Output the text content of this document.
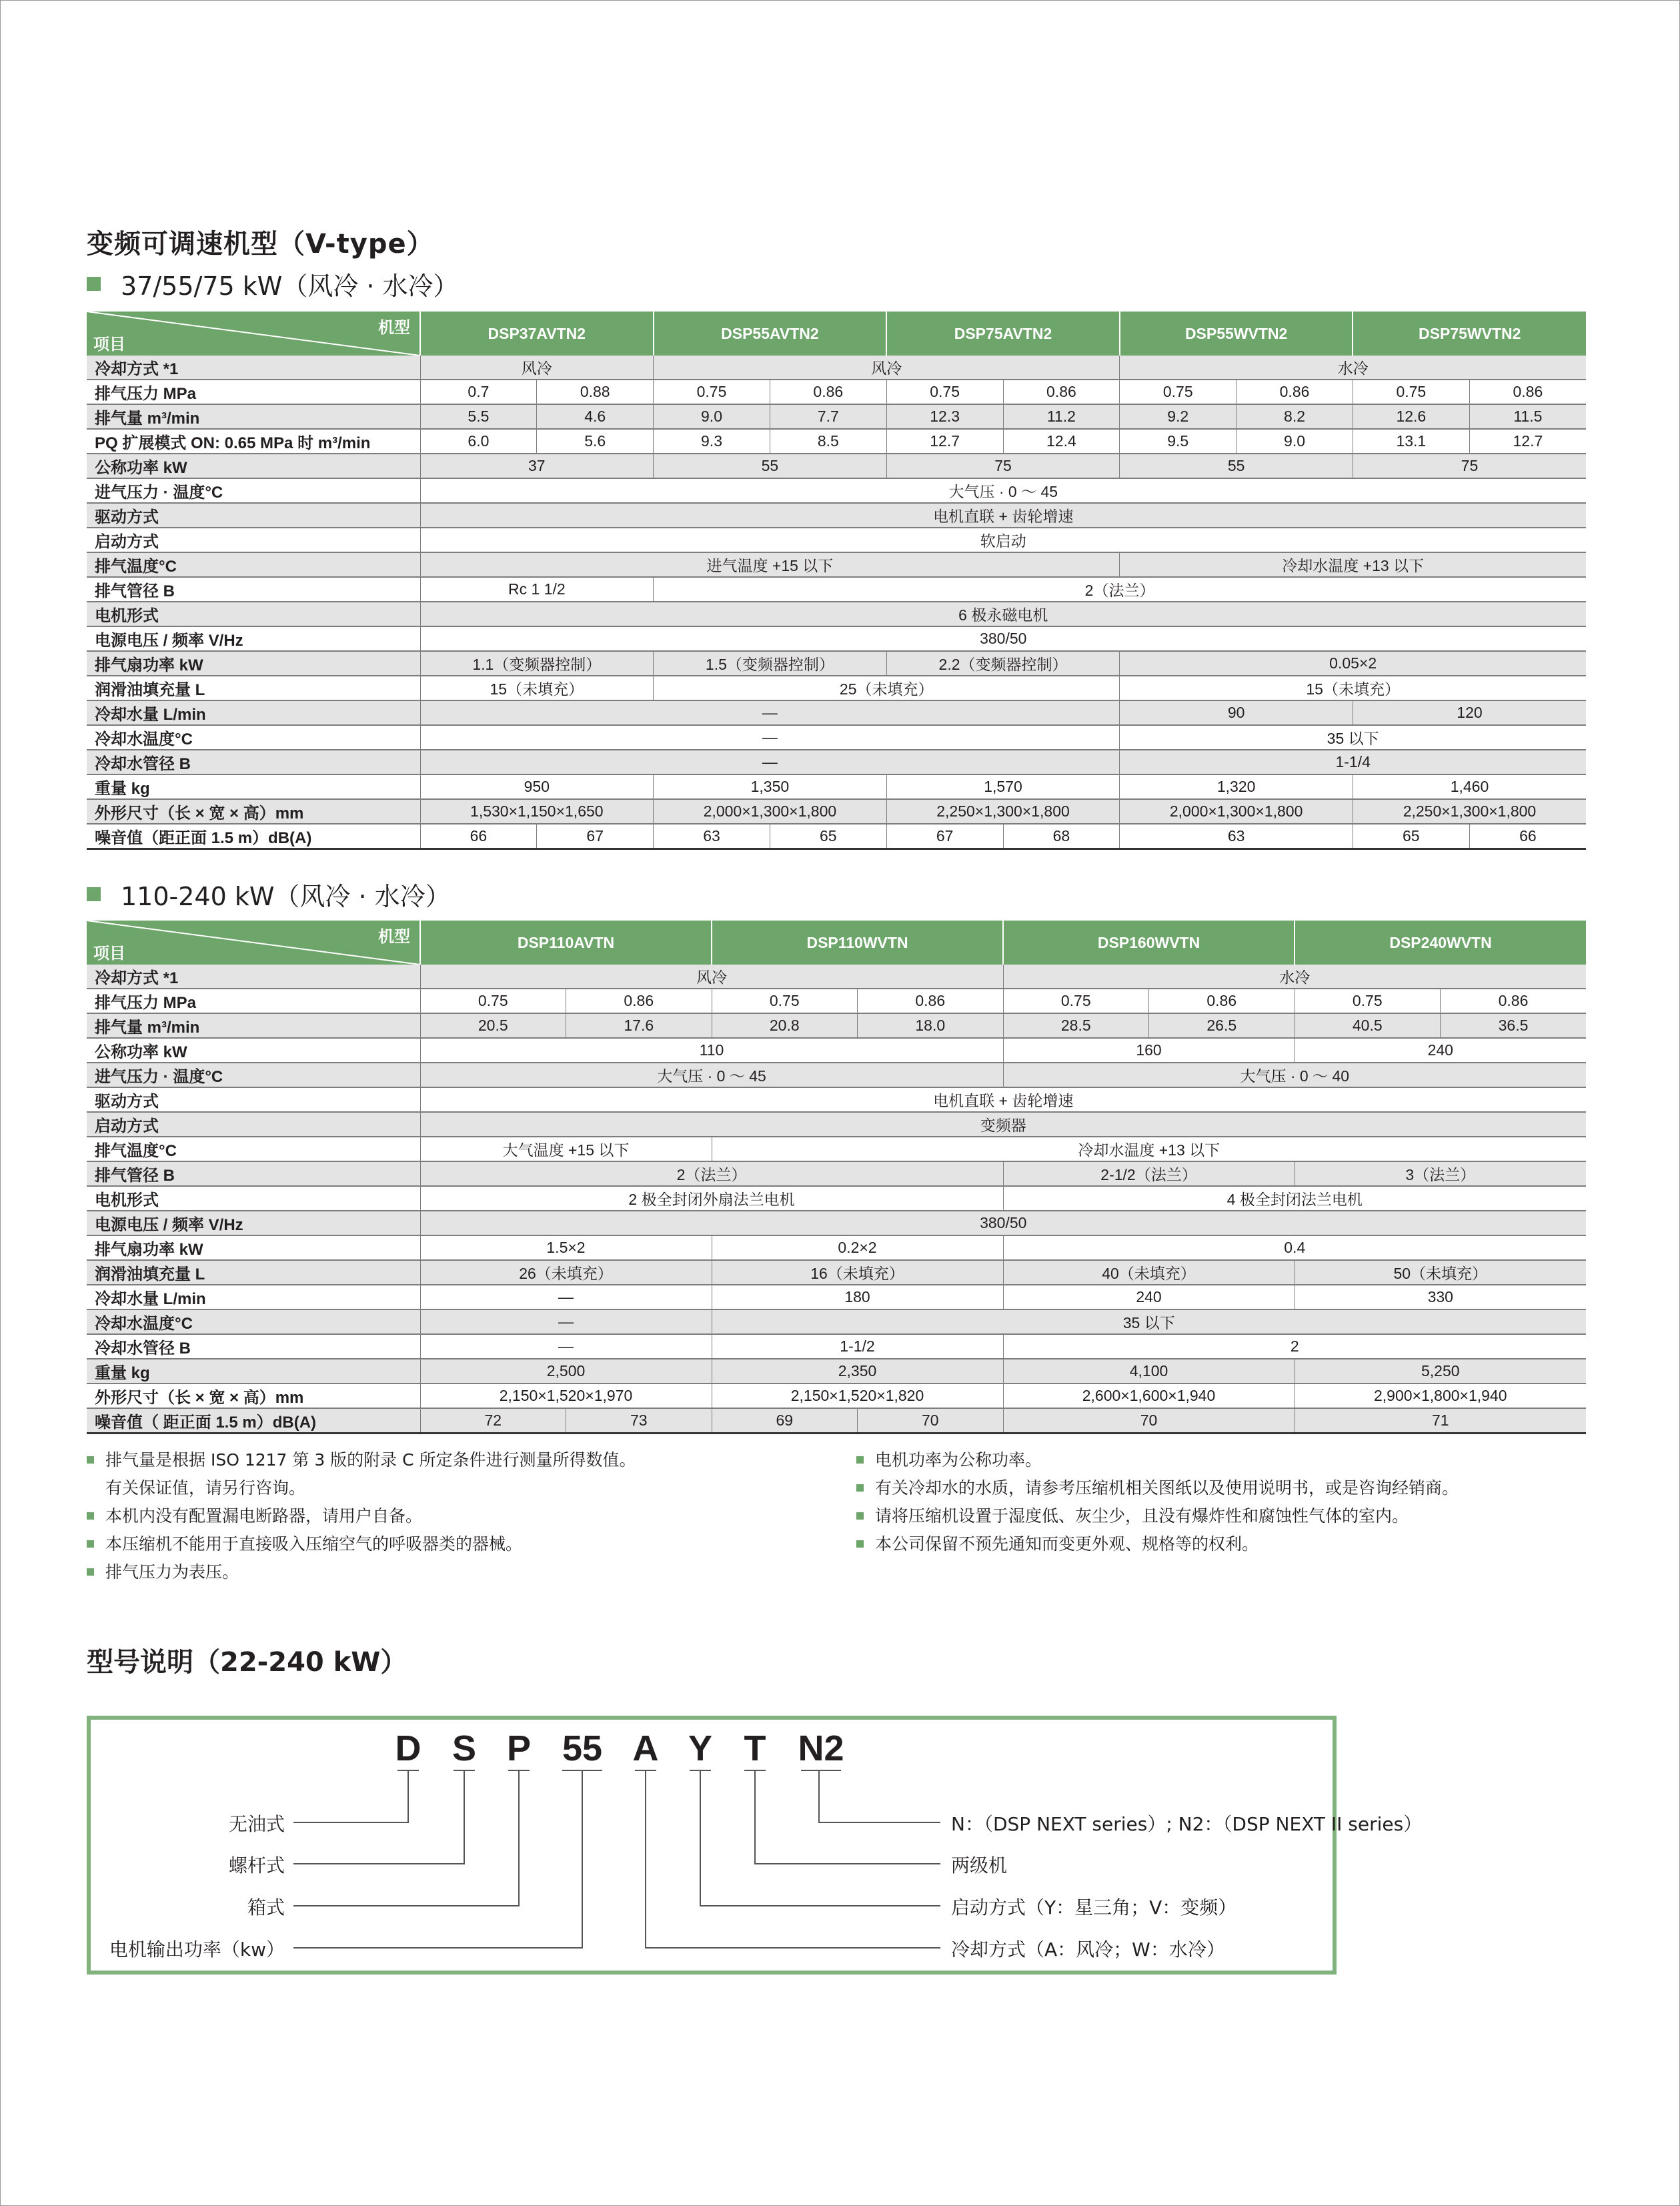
变频可调速机型（V-type）
37/55/75 kW（风冷 · 水冷）
机型
项目	DSP37AVTN2		DSP55AVTN2		DSP75AVTN2		DSP55WVTN2		DSP75WVTN2	
冷却方式 *1	风冷		风冷				水冷			
排气压力 MPa	0.7	0.88	0.75	0.86	0.75	0.86	0.75	0.86	0.75	0.86
排气量 m³/min	5.5	4.6	9.0	7.7	12.3	11.2	9.2	8.2	12.6	11.5
PQ 扩展模式 ON: 0.65 MPa 时 m³/min	6.0	5.6	9.3	8.5	12.7	12.4	9.5	9.0	13.1	12.7
公称功率 kW	37		55		75		55		75	
进气压力 · 温度°C	大气压 · 0 ～ 45									
驱动方式	电机直联 + 齿轮增速									
启动方式	软启动									
排气温度°C	进气温度 +15 以下						冷却水温度 +13 以下			
排气管径 B	Rc 1 1/2		2（法兰）							
电机形式	6 极永磁电机									
电源电压 / 频率 V/Hz	380/50									
排气扇功率 kW	1.1（变频器控制）		1.5（变频器控制）		2.2（变频器控制）		0.05×2			
润滑油填充量 L	15（未填充）		25（未填充）				15（未填充）			
冷却水量 L/min	—						90		120	
冷却水温度°C	—						35 以下			
冷却水管径 B	—						1-1/4			
重量 kg	950		1,350		1,570		1,320		1,460	
外形尺寸（长 × 宽 × 高）mm	1,530×1,150×1,650		2,000×1,300×1,800		2,250×1,300×1,800		2,000×1,300×1,800		2,250×1,300×1,800	
噪音值（距正面 1.5 m）dB(A)	66	67	63	65	67	68	63		65	66
110-240 kW（风冷 · 水冷）
机型
项目	DSP110AVTN		DSP110WVTN		DSP160WVTN		DSP240WVTN	
冷却方式 *1	风冷				水冷			
排气压力 MPa	0.75	0.86	0.75	0.86	0.75	0.86	0.75	0.86
排气量 m³/min	20.5	17.6	20.8	18.0	28.5	26.5	40.5	36.5
公称功率 kW	110				160		240	
进气压力 · 温度°C	大气压 · 0 ～ 45				大气压 · 0 ～ 40			
驱动方式	电机直联 + 齿轮增速							
启动方式	变频器							
排气温度°C	大气温度 +15 以下		冷却水温度 +13 以下					
排气管径 B	2（法兰）				2-1/2（法兰）		3（法兰）	
电机形式	2 极全封闭外扇法兰电机				4 极全封闭法兰电机			
电源电压 / 频率 V/Hz	380/50							
排气扇功率 kW	1.5×2		0.2×2		0.4			
润滑油填充量 L	26（未填充）		16（未填充）		40（未填充）		50（未填充）	
冷却水量 L/min	—		180		240		330	
冷却水温度°C	—		35 以下					
冷却水管径 B	—		1-1/2		2			
重量 kg	2,500		2,350		4,100		5,250	
外形尺寸（长 × 宽 × 高）mm	2,150×1,520×1,970		2,150×1,520×1,820		2,600×1,600×1,940		2,900×1,800×1,940	
噪音值（ 距正面 1.5 m）dB(A)	72	73	69	70	70		71	
排气量是根据 ISO 1217 第 3 版的附录 C 所定条件进行测量所得数值。
有关保证值，请另行咨询。
本机内没有配置漏电断路器，请用户自备。
本压缩机不能用于直接吸入压缩空气的呼吸器类的器械。
排气压力为表压。
电机功率为公称功率。
有关冷却水的水质，请参考压缩机相关图纸以及使用说明书，或是咨询经销商。
请将压缩机设置于湿度低、灰尘少，且没有爆炸性和腐蚀性气体的室内。
本公司保留不预先通知而变更外观、规格等的权利。
型号说明（22-240 kW）
D S P 55 A Y T N2
无油式
螺杆式
箱式
电机输出功率（kw）
N：（DSP NEXT series）; N2：（DSP NEXT II series）
两级机
启动方式（Y：星三角；V：变频）
冷却方式（A：风冷；W：水冷）
